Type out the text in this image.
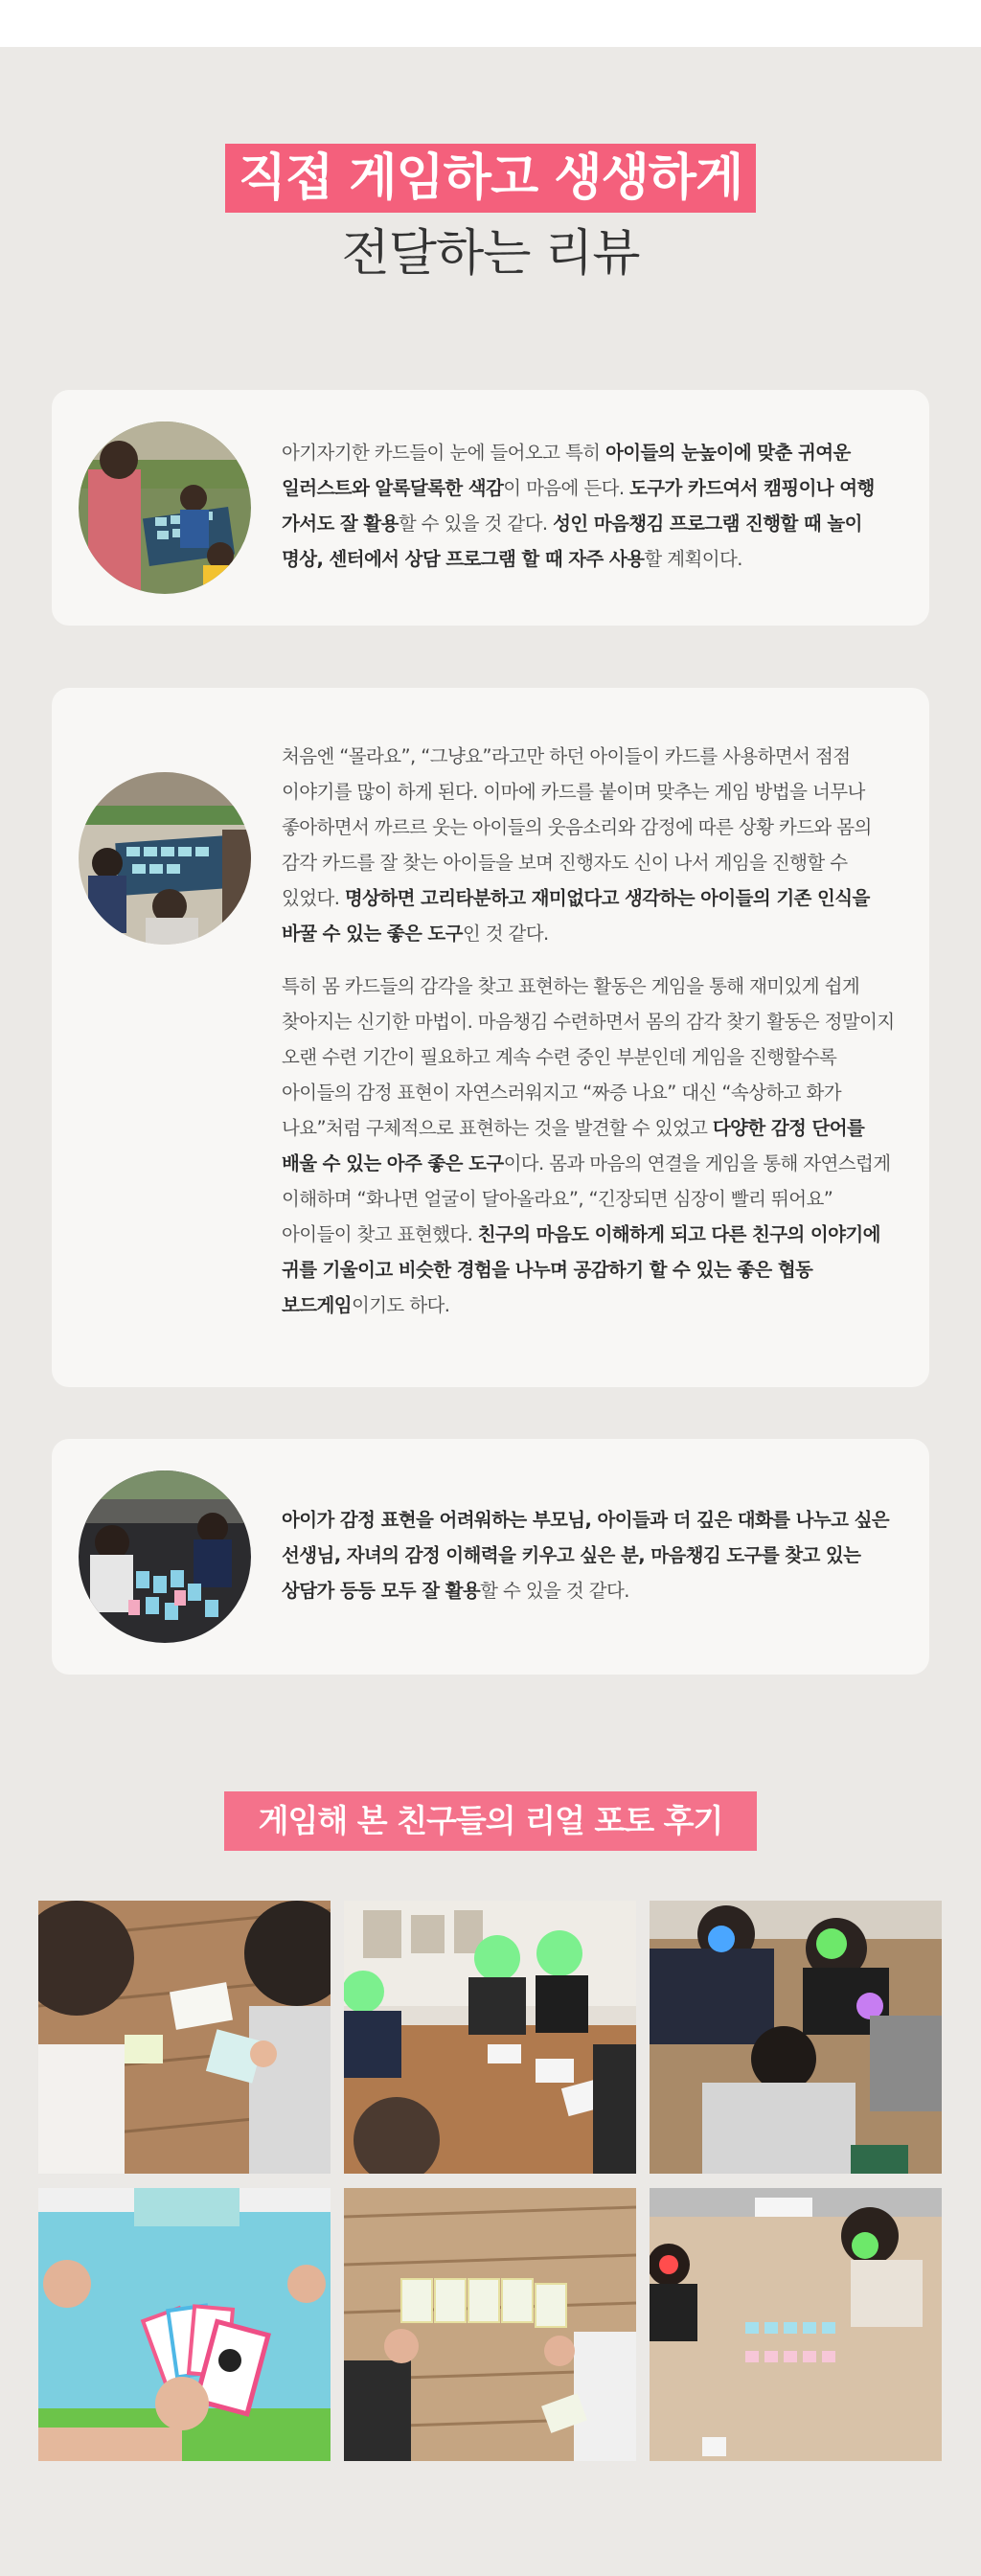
직접 게임하고 생생하게
전달하는 리뷰

아기자기한 카드들이 눈에 들어오고 특히 아이들의 눈높이에 맞춘 귀여운 일러스트와 알록달록한 색감이 마음에 든다. 도구가 카드여서 캠핑이나 여행 가서도 잘 활용할 수 있을 것 같다. 성인 마음챙김 프로그램 진행할 때 놀이 명상, 센터에서 상담 프로그램 할 때 자주 사용할 계획이다.

처음엔 “몰라요”, “그냥요”라고만 하던 아이들이 카드를 사용하면서 점점 이야기를 많이 하게 된다. 이마에 카드를 붙이며 맞추는 게임 방법을 너무나 좋아하면서 까르르 웃는 아이들의 웃음소리와 감정에 따른 상황 카드와 몸의 감각 카드를 잘 찾는 아이들을 보며 진행자도 신이 나서 게임을 진행할 수 있었다. 명상하면 고리타분하고 재미없다고 생각하는 아이들의 기존 인식을 바꿀 수 있는 좋은 도구인 것 같다.

특히 몸 카드들의 감각을 찾고 표현하는 활동은 게임을 통해 재미있게 쉽게 찾아지는 신기한 마법이. 마음챙김 수련하면서 몸의 감각 찾기 활동은 정말이지 오랜 수련 기간이 필요하고 계속 수련 중인 부분인데 게임을 진행할수록 아이들의 감정 표현이 자연스러워지고 “짜증 나요” 대신 “속상하고 화가 나요”처럼 구체적으로 표현하는 것을 발견할 수 있었고 다양한 감정 단어를 배울 수 있는 아주 좋은 도구이다. 몸과 마음의 연결을 게임을 통해 자연스럽게 이해하며 “화나면 얼굴이 달아올라요”, “긴장되면 심장이 빨리 뛰어요” 아이들이 찾고 표현했다. 친구의 마음도 이해하게 되고 다른 친구의 이야기에 귀를 기울이고 비슷한 경험을 나누며 공감하기 할 수 있는 좋은 협동 보드게임이기도 하다.

아이가 감정 표현을 어려워하는 부모님, 아이들과 더 깊은 대화를 나누고 싶은 선생님, 자녀의 감정 이해력을 키우고 싶은 분, 마음챙김 도구를 찾고 있는 상담가 등등 모두 잘 활용할 수 있을 것 같다.

게임해 본 친구들의 리얼 포토 후기
